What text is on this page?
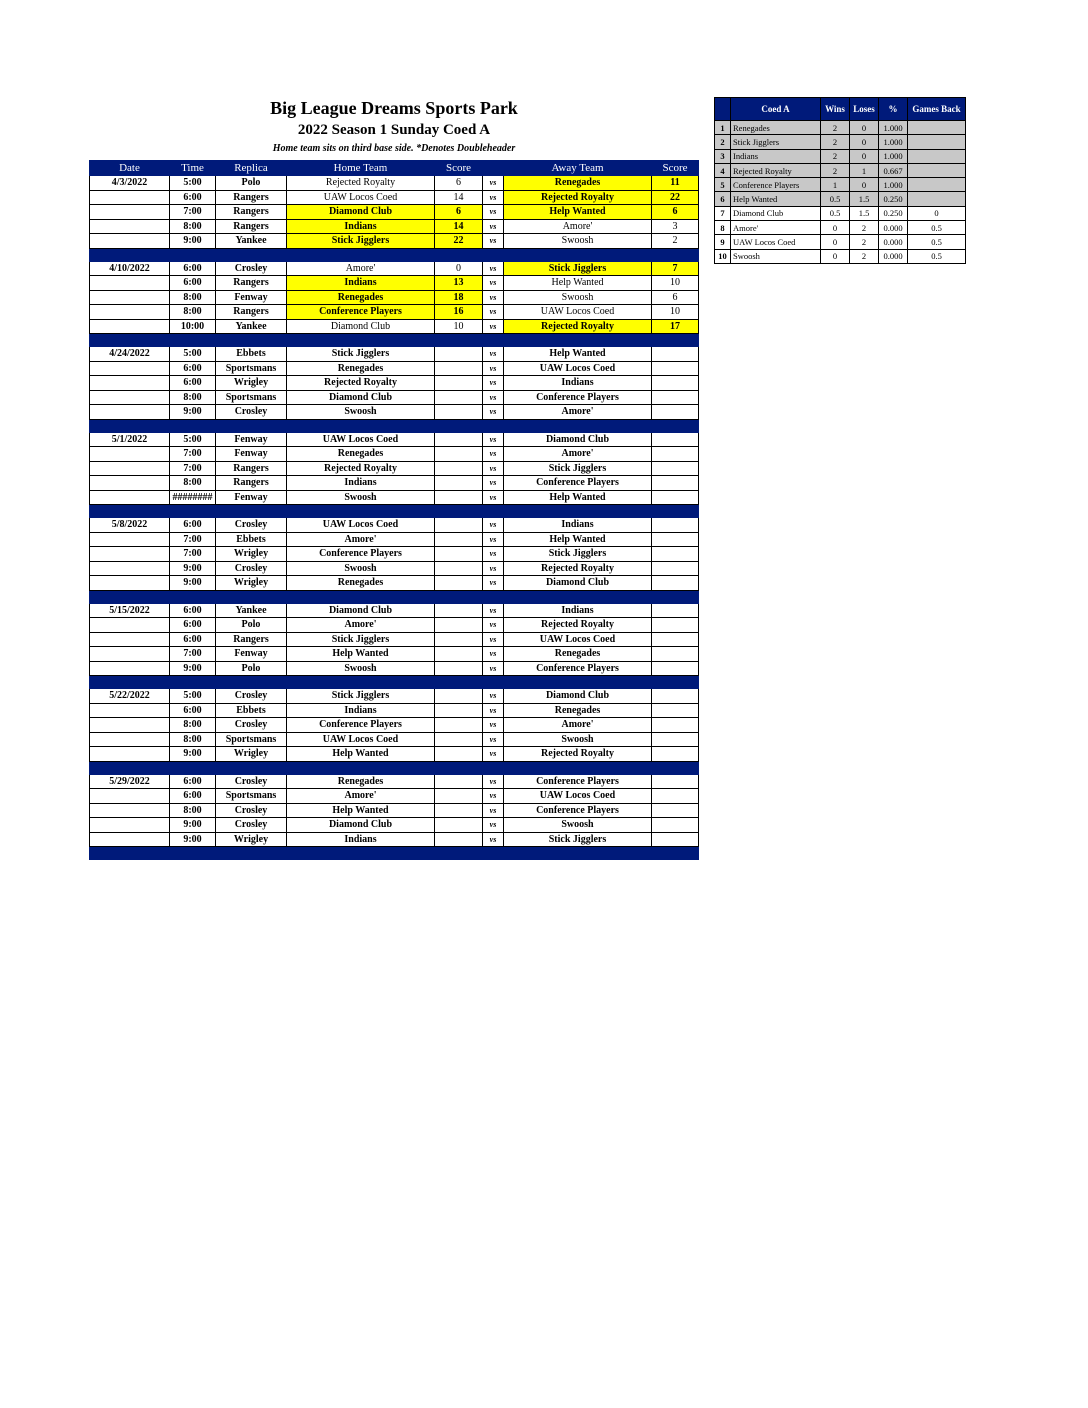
Big League Dreams Sports Park
2022 Season 1 Sunday Coed A
Home team sits on third base side. *Denotes Doubleheader
Date	Time	Replica	Home Team	Score		Away Team	Score
4/3/2022	5:00	Polo	Rejected Royalty	6	vs	Renegades	11
	6:00	Rangers	UAW Locos Coed	14	vs	Rejected Royalty	22
	7:00	Rangers	Diamond Club	6	vs	Help Wanted	6
	8:00	Rangers	Indians	14	vs	Amore'	3
	9:00	Yankee	Stick Jigglers	22	vs	Swoosh	2

4/10/2022	6:00	Crosley	Amore'	0	vs	Stick Jigglers	7
	6:00	Rangers	Indians	13	vs	Help Wanted	10
	8:00	Fenway	Renegades	18	vs	Swoosh	6
	8:00	Rangers	Conference Players	16	vs	UAW Locos Coed	10
	10:00	Yankee	Diamond Club	10	vs	Rejected Royalty	17

4/24/2022	5:00	Ebbets	Stick Jigglers		vs	Help Wanted	
	6:00	Sportsmans	Renegades		vs	UAW Locos Coed	
	6:00	Wrigley	Rejected Royalty		vs	Indians	
	8:00	Sportsmans	Diamond Club		vs	Conference Players	
	9:00	Crosley	Swoosh		vs	Amore'	

5/1/2022	5:00	Fenway	UAW Locos Coed		vs	Diamond Club	
	7:00	Fenway	Renegades		vs	Amore'	
	7:00	Rangers	Rejected Royalty		vs	Stick Jigglers	
	8:00	Rangers	Indians		vs	Conference Players	
	########	Fenway	Swoosh		vs	Help Wanted	

5/8/2022	6:00	Crosley	UAW Locos Coed		vs	Indians	
	7:00	Ebbets	Amore'		vs	Help Wanted	
	7:00	Wrigley	Conference Players		vs	Stick Jigglers	
	9:00	Crosley	Swoosh		vs	Rejected Royalty	
	9:00	Wrigley	Renegades		vs	Diamond Club	

5/15/2022	6:00	Yankee	Diamond Club		vs	Indians	
	6:00	Polo	Amore'		vs	Rejected Royalty	
	6:00	Rangers	Stick Jigglers		vs	UAW Locos Coed	
	7:00	Fenway	Help Wanted		vs	Renegades	
	9:00	Polo	Swoosh		vs	Conference Players	

5/22/2022	5:00	Crosley	Stick Jigglers		vs	Diamond Club	
	6:00	Ebbets	Indians		vs	Renegades	
	8:00	Crosley	Conference Players		vs	Amore'	
	8:00	Sportsmans	UAW Locos Coed		vs	Swoosh	
	9:00	Wrigley	Help Wanted		vs	Rejected Royalty	

5/29/2022	6:00	Crosley	Renegades		vs	Conference Players	
	6:00	Sportsmans	Amore'		vs	UAW Locos Coed	
	8:00	Crosley	Help Wanted		vs	Conference Players	
	9:00	Crosley	Diamond Club		vs	Swoosh	
	9:00	Wrigley	Indians		vs	Stick Jigglers	

	Coed A	Wins	Loses	%	Games Back
1	Renegades	2	0	1.000	
2	Stick Jigglers	2	0	1.000	
3	Indians	2	0	1.000	
4	Rejected Royalty	2	1	0.667	
5	Conference Players	1	0	1.000	
6	Help Wanted	0.5	1.5	0.250	
7	Diamond Club	0.5	1.5	0.250	0
8	Amore'	0	2	0.000	0.5
9	UAW Locos Coed	0	2	0.000	0.5
10	Swoosh	0	2	0.000	0.5
